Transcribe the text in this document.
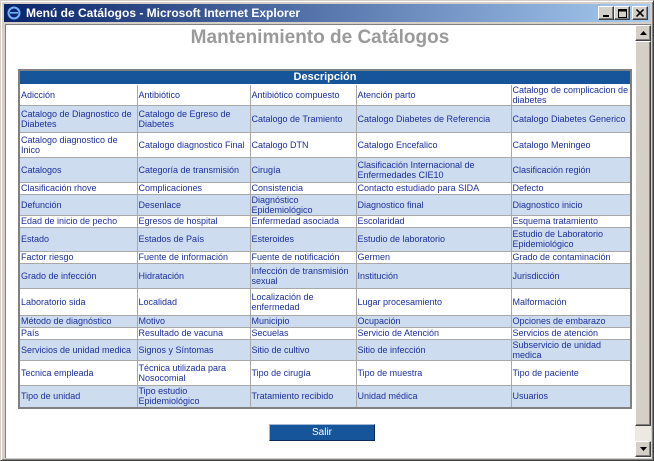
Menú de Catálogos - Microsoft Internet Explorer
Mantenimiento de Catálogos
Descripción				
Adicción	Antibiótico	Antibiótico compuesto	Atención parto	Catalogo de complicacion de diabetes
Catalogo de Diagnostico de Diabetes	Catalogo de Egreso de Diabetes	Catalogo de Tramiento	Catalogo Diabetes de Referencia	Catalogo Diabetes Generico
Catalogo diagnostico de Inico	Catalogo diagnostico Final	Catalogo DTN	Catalogo Encefalico	Catalogo Meningeo
Catalogos	Categoría de transmisión	Cirugía	Clasificación Internacional de Enfermedades CIE10	Clasificación región
Clasificación rhove	Complicaciones	Consistencia	Contacto estudiado para SIDA	Defecto
Defunción	Desenlace	Diagnóstico Epidemiológico	Diagnostico final	Diagnostico inicio
Edad de inicio de pecho	Egresos de hospital	Enfermedad asociada	Escolaridad	Esquema tratamiento
Estado	Estados de País	Esteroides	Estudio de laboratorio	Estudio de Laboratorio Epidemiológico
Factor riesgo	Fuente de información	Fuente de notificación	Germen	Grado de contaminación
Grado de infección	Hidratación	Infección de transmisión sexual	Institución	Jurisdicción
Laboratorio sida	Localidad	Localización de enfermedad	Lugar procesamiento	Malformación
Método de diagnóstico	Motivo	Municipio	Ocupación	Opciones de embarazo
País	Resultado de vacuna	Secuelas	Servicio de Atención	Servicios de atención
Servicios de unidad medica	Signos y Síntomas	Sitio de cultivo	Sitio de infección	Subservicio de unidad medica
Tecnica empleada	Técnica utilizada para Nosocomial	Tipo de cirugía	Tipo de muestra	Tipo de paciente
Tipo de unidad	Tipo estudio Epidemiológico	Tratamiento recibido	Unidad médica	Usuarios
Salir
